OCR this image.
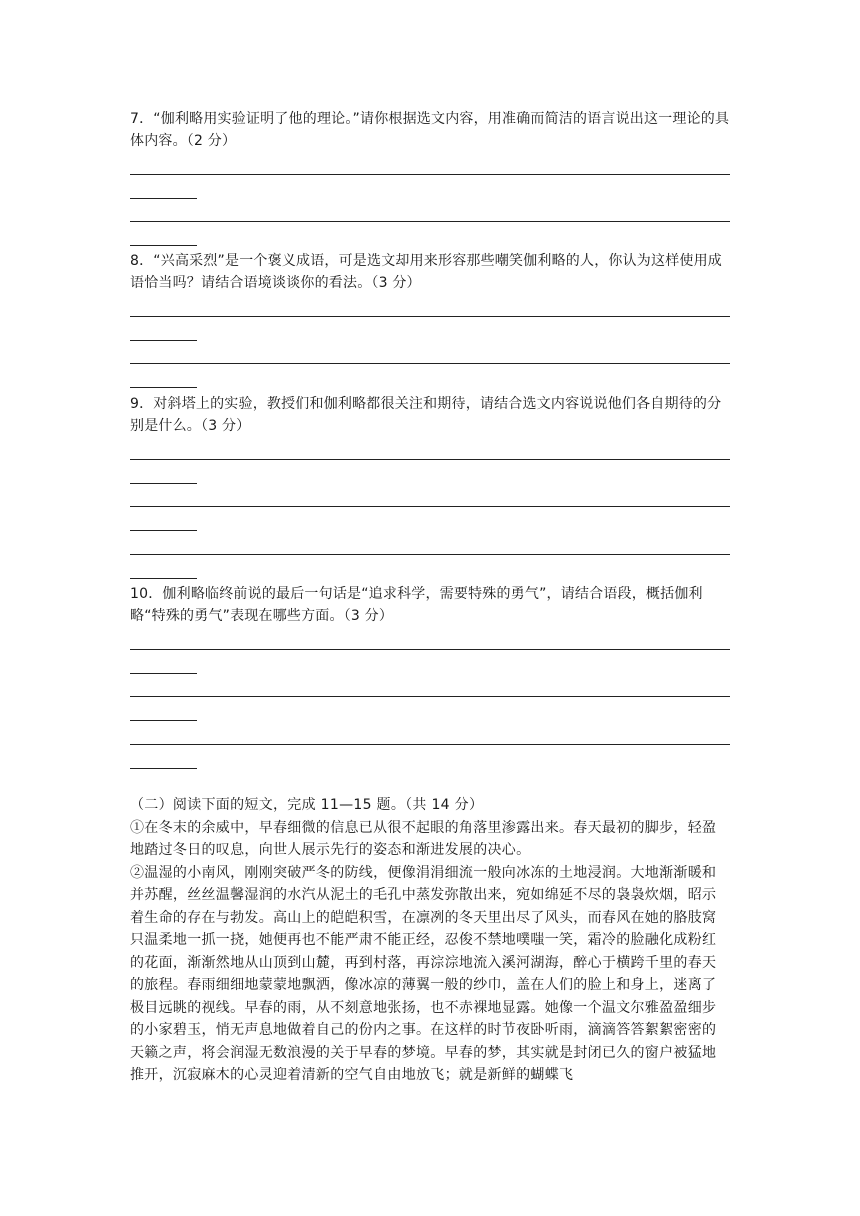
7．“伽利略用实验证明了他的理论。”请你根据选文内容，用准确而简洁的语言说出这一理论的具体内容。（2 分）
8．“兴高采烈”是一个褒义成语，可是选文却用来形容那些嘲笑伽利略的人，你认为这样使用成语恰当吗？请结合语境谈谈你的看法。（3 分）
9．对斜塔上的实验，教授们和伽利略都很关注和期待，请结合选文内容说说他们各自期待的分别是什么。（3 分）
10．伽利略临终前说的最后一句话是“追求科学，需要特殊的勇气”，请结合语段，概括伽利略“特殊的勇气”表现在哪些方面。（3 分）

（二）阅读下面的短文，完成 11—15 题。（共 14 分）

①在冬末的余威中，早春细微的信息已从很不起眼的角落里渗露出来。春天最初的脚步，轻盈地踏过冬日的叹息，向世人展示先行的姿态和渐进发展的决心。

②温湿的小南风，刚刚突破严冬的防线，便像涓涓细流一般向冰冻的土地浸润。大地渐渐暖和并苏醒，丝丝温馨湿润的水汽从泥土的毛孔中蒸发弥散出来，宛如绵延不尽的袅袅炊烟，昭示着生命的存在与勃发。高山上的皑皑积雪，在凛冽的冬天里出尽了风头，而春风在她的胳肢窝只温柔地一抓一挠，她便再也不能严肃不能正经，忍俊不禁地噗嗤一笑，霜冷的脸融化成粉红的花面，渐渐然地从山顶到山麓，再到村落，再淙淙地流入溪河湖海，醉心于横跨千里的春天的旅程。春雨细细地蒙蒙地飘洒，像冰凉的薄翼一般的纱巾，盖在人们的脸上和身上，迷离了极目远眺的视线。早春的雨，从不刻意地张扬，也不赤裸地显露。她像一个温文尔雅盈盈细步的小家碧玉，悄无声息地做着自己的份内之事。在这样的时节夜卧听雨，滴滴答答絮絮密密的天籁之声，将会润湿无数浪漫的关于早春的梦境。早春的梦，其实就是封闭已久的窗户被猛地推开，沉寂麻木的心灵迎着清新的空气自由地放飞；就是新鲜的蝴蝶飞
